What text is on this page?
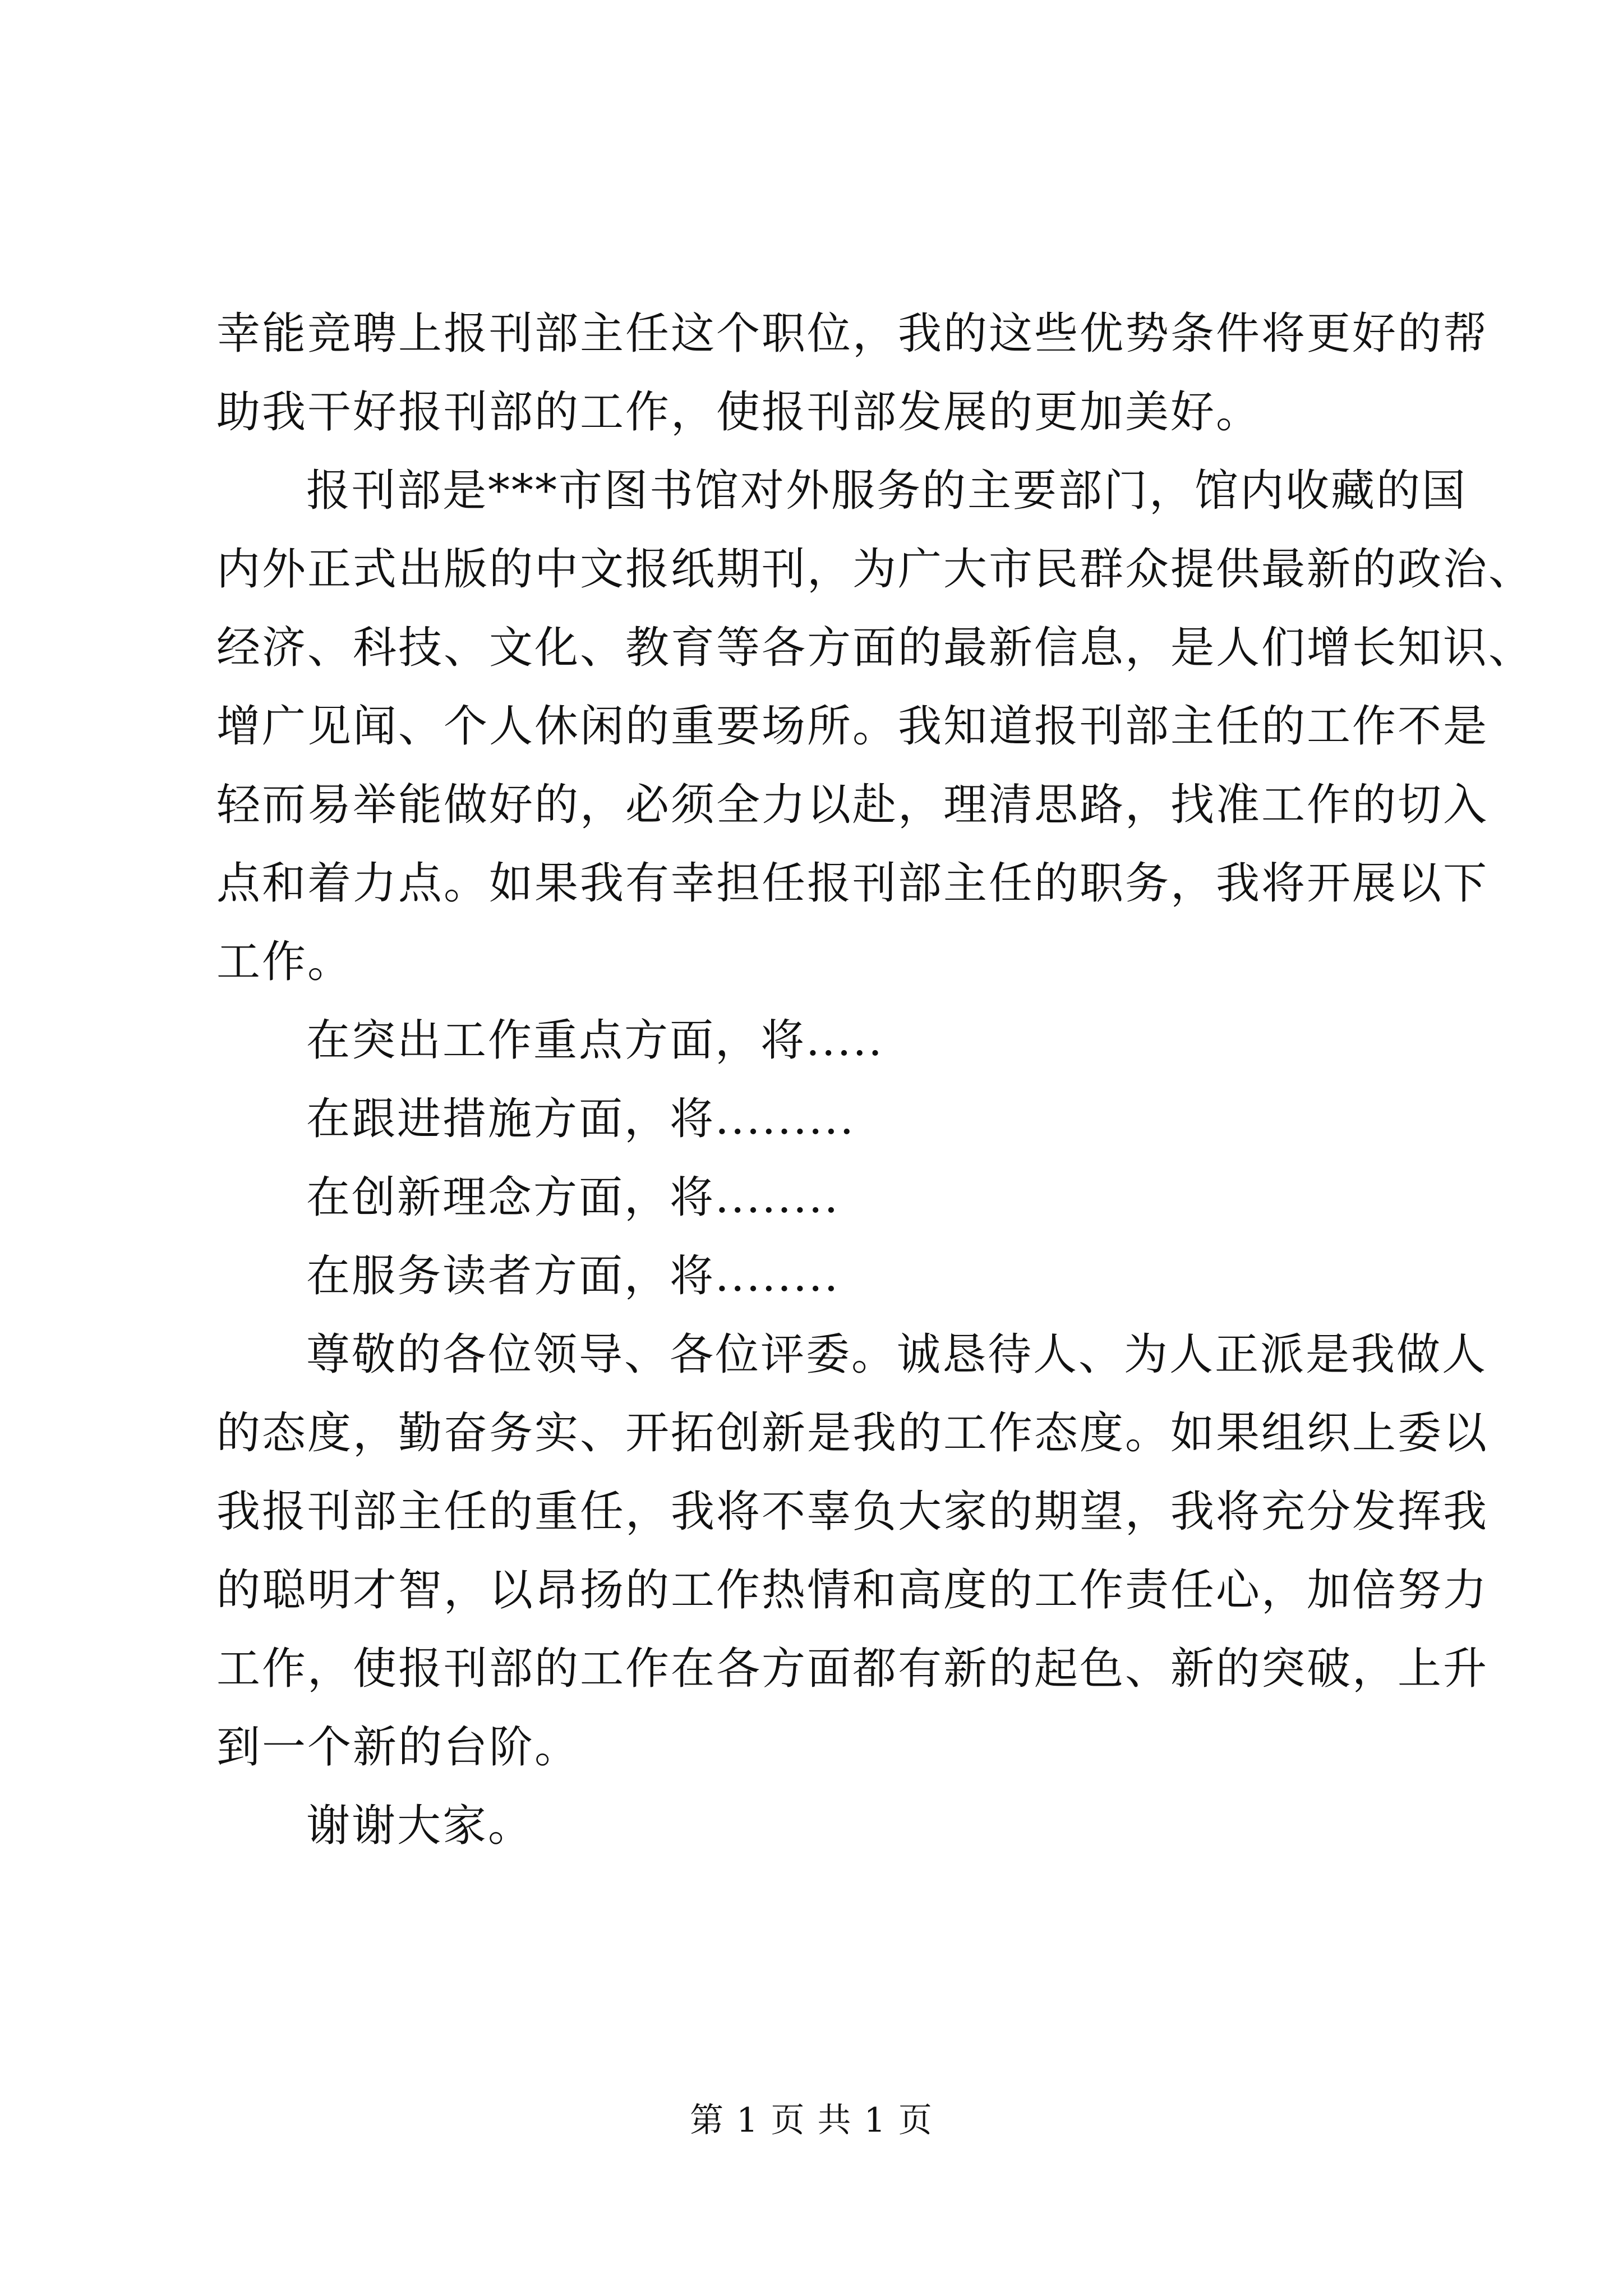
幸能竞聘上报刊部主任这个职位，我的这些优势条件将更好的帮
助我干好报刊部的工作，使报刊部发展的更加美好。
报刊部是***市图书馆对外服务的主要部门，馆内收藏的国
内外正式出版的中文报纸期刊，为广大市民群众提供最新的政治、
经济、科技、文化、教育等各方面的最新信息，是人们增长知识、
增广见闻、个人休闲的重要场所。我知道报刊部主任的工作不是
轻而易举能做好的，必须全力以赴，理清思路，找准工作的切入
点和着力点。如果我有幸担任报刊部主任的职务，我将开展以下
工作。
在突出工作重点方面，将.....
在跟进措施方面，将.........
在创新理念方面，将........
在服务读者方面，将........
尊敬的各位领导、各位评委。诚恳待人、为人正派是我做人
的态度，勤奋务实、开拓创新是我的工作态度。如果组织上委以
我报刊部主任的重任，我将不辜负大家的期望，我将充分发挥我
的聪明才智，以昂扬的工作热情和高度的工作责任心，加倍努力
工作，使报刊部的工作在各方面都有新的起色、新的突破，上升
到一个新的台阶。
谢谢大家。
第 1 页 共 1 页
